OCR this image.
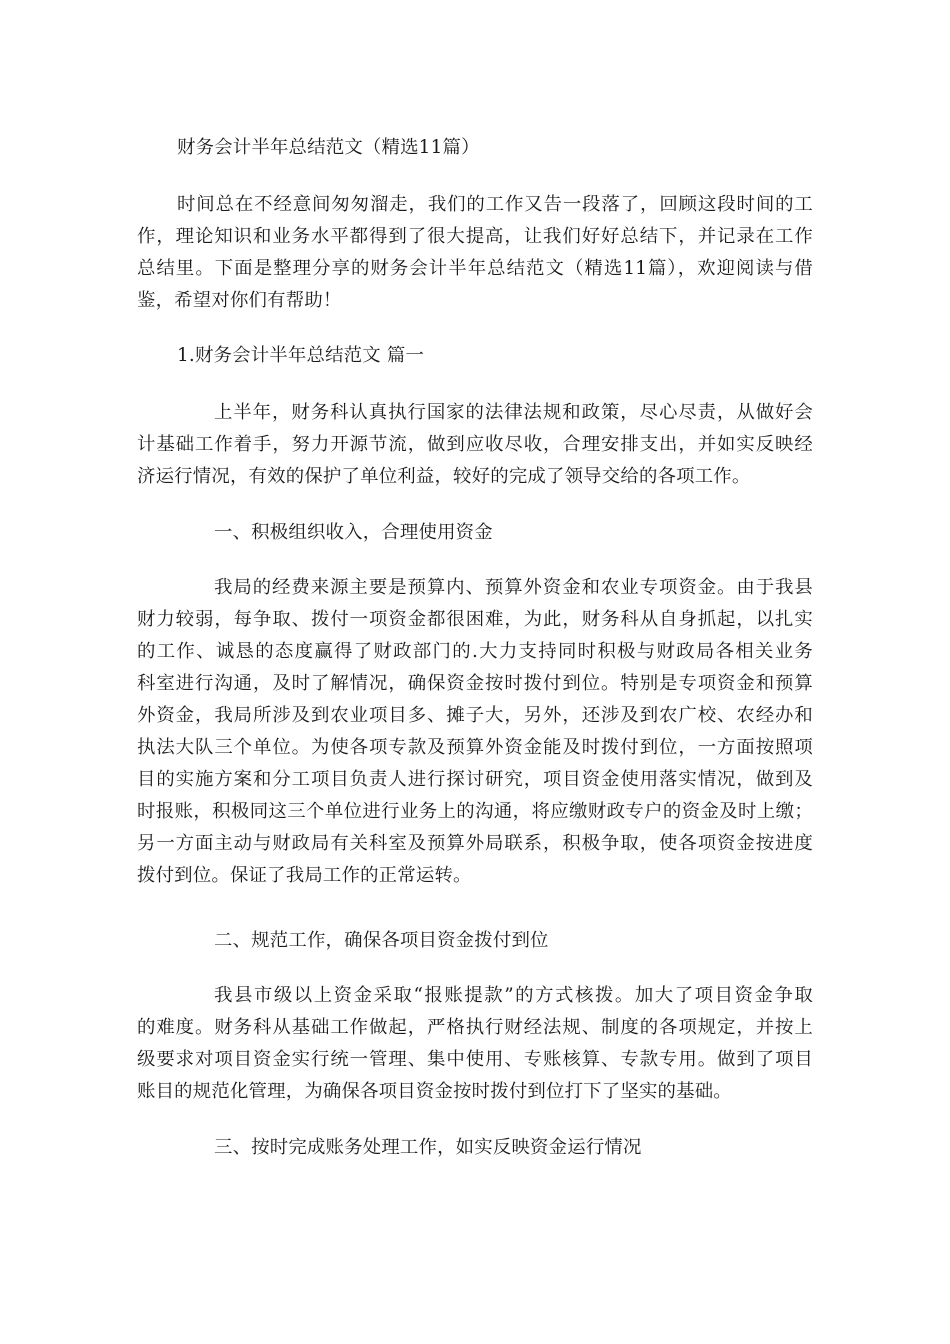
财务会计半年总结范文（精选11篇）
时间总在不经意间匆匆溜走，我们的工作又告一段落了，回顾这段时间的工
作，理论知识和业务水平都得到了很大提高，让我们好好总结下，并记录在工作
总结里。下面是整理分享的财务会计半年总结范文（精选11篇），欢迎阅读与借
鉴，希望对你们有帮助！
1.财务会计半年总结范文 篇一
上半年，财务科认真执行国家的法律法规和政策，尽心尽责，从做好会
计基础工作着手，努力开源节流，做到应收尽收，合理安排支出，并如实反映经
济运行情况，有效的保护了单位利益，较好的完成了领导交给的各项工作。
一、积极组织收入，合理使用资金
我局的经费来源主要是预算内、预算外资金和农业专项资金。由于我县
财力较弱，每争取、拨付一项资金都很困难，为此，财务科从自身抓起，以扎实
的工作、诚恳的态度赢得了财政部门的.大力支持同时积极与财政局各相关业务
科室进行沟通，及时了解情况，确保资金按时拨付到位。特别是专项资金和预算
外资金，我局所涉及到农业项目多、摊子大，另外，还涉及到农广校、农经办和
执法大队三个单位。为使各项专款及预算外资金能及时拨付到位，一方面按照项
目的实施方案和分工项目负责人进行探讨研究，项目资金使用落实情况，做到及
时报账，积极同这三个单位进行业务上的沟通，将应缴财政专户的资金及时上缴；
另一方面主动与财政局有关科室及预算外局联系，积极争取，使各项资金按进度
拨付到位。保证了我局工作的正常运转。
二、规范工作，确保各项目资金拨付到位
我县市级以上资金采取“报账提款”的方式核拨。加大了项目资金争取
的难度。财务科从基础工作做起，严格执行财经法规、制度的各项规定，并按上
级要求对项目资金实行统一管理、集中使用、专账核算、专款专用。做到了项目
账目的规范化管理，为确保各项目资金按时拨付到位打下了坚实的基础。
三、按时完成账务处理工作，如实反映资金运行情况
